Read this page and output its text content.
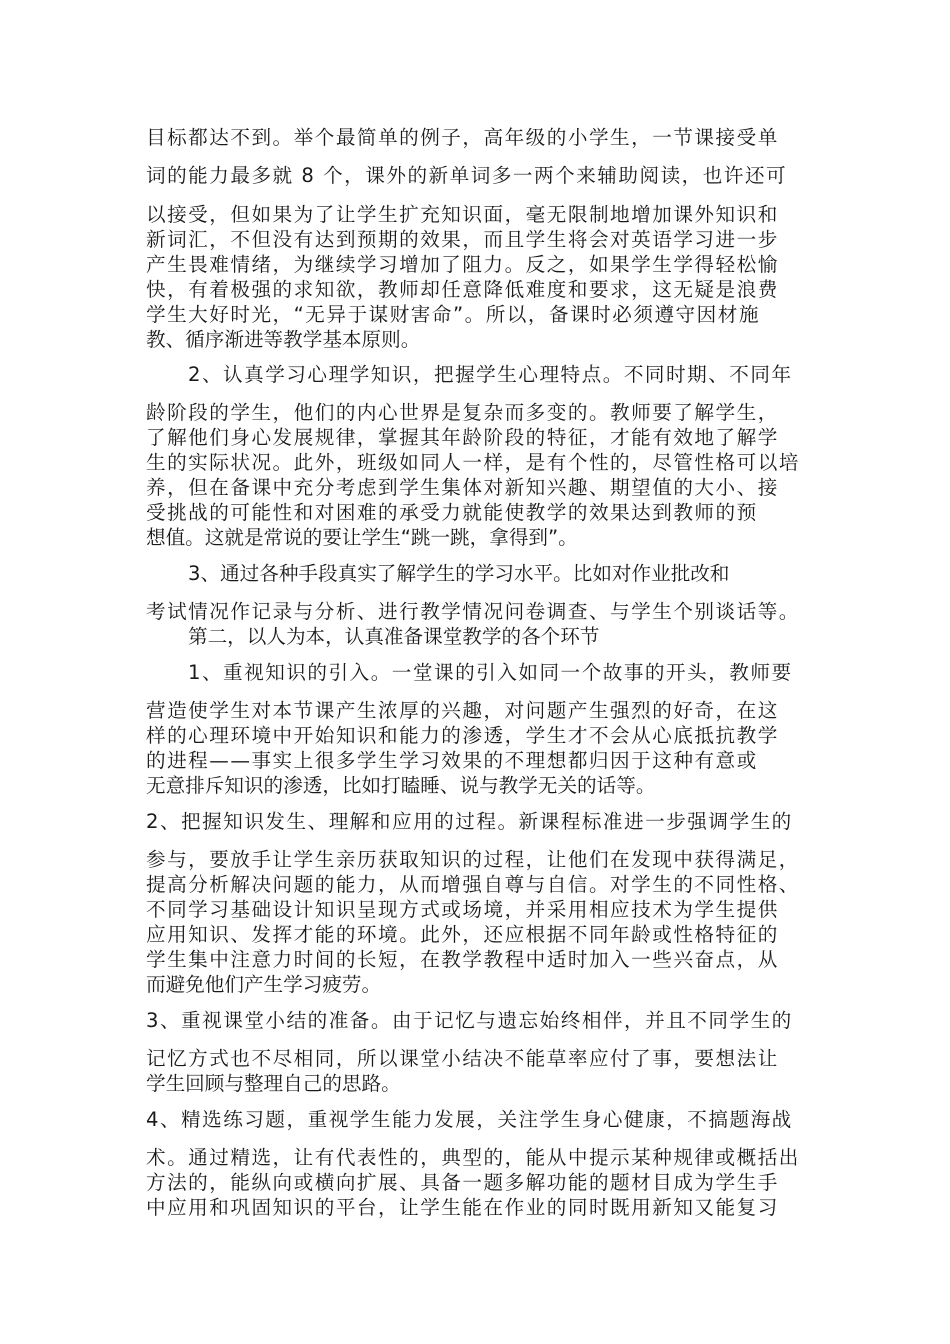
目标都达不到。举个最简单的例子，高年级的小学生，一节课接受单
词的能力最多就 8 个，课外的新单词多一两个来辅助阅读，也许还可
以接受，但如果为了让学生扩充知识面，毫无限制地增加课外知识和
新词汇，不但没有达到预期的效果，而且学生将会对英语学习进一步
产生畏难情绪，为继续学习增加了阻力。反之，如果学生学得轻松愉
快，有着极强的求知欲，教师却任意降低难度和要求，这无疑是浪费
学生大好时光，“无异于谋财害命”。所以，备课时必须遵守因材施
教、循序渐进等教学基本原则。
2、认真学习心理学知识，把握学生心理特点。不同时期、不同年
龄阶段的学生，他们的内心世界是复杂而多变的。教师要了解学生，
了解他们身心发展规律，掌握其年龄阶段的特征，才能有效地了解学
生的实际状况。此外，班级如同人一样，是有个性的，尽管性格可以培
养，但在备课中充分考虑到学生集体对新知兴趣、期望值的大小、接
受挑战的可能性和对困难的承受力就能使教学的效果达到教师的预
想值。这就是常说的要让学生“跳一跳，拿得到”。
3、通过各种手段真实了解学生的学习水平。比如对作业批改和
考试情况作记录与分析、进行教学情况问卷调查、与学生个别谈话等。
第二，以人为本，认真准备课堂教学的各个环节
1、重视知识的引入。一堂课的引入如同一个故事的开头，教师要
营造使学生对本节课产生浓厚的兴趣，对问题产生强烈的好奇，在这
样的心理环境中开始知识和能力的渗透，学生才不会从心底抵抗教学
的进程——事实上很多学生学习效果的不理想都归因于这种有意或
无意排斥知识的渗透，比如打瞌睡、说与教学无关的话等。
2、把握知识发生、理解和应用的过程。新课程标准进一步强调学生的
参与，要放手让学生亲历获取知识的过程，让他们在发现中获得满足，
提高分析解决问题的能力，从而增强自尊与自信。对学生的不同性格、
不同学习基础设计知识呈现方式或场境，并采用相应技术为学生提供
应用知识、发挥才能的环境。此外，还应根据不同年龄或性格特征的
学生集中注意力时间的长短，在教学教程中适时加入一些兴奋点，从
而避免他们产生学习疲劳。
3、重视课堂小结的准备。由于记忆与遗忘始终相伴，并且不同学生的
记忆方式也不尽相同，所以课堂小结决不能草率应付了事，要想法让
学生回顾与整理自己的思路。
4、精选练习题，重视学生能力发展，关注学生身心健康，不搞题海战
术。通过精选，让有代表性的，典型的，能从中提示某种规律或概括出
方法的，能纵向或横向扩展、具备一题多解功能的题材目成为学生手
中应用和巩固知识的平台，让学生能在作业的同时既用新知又能复习
